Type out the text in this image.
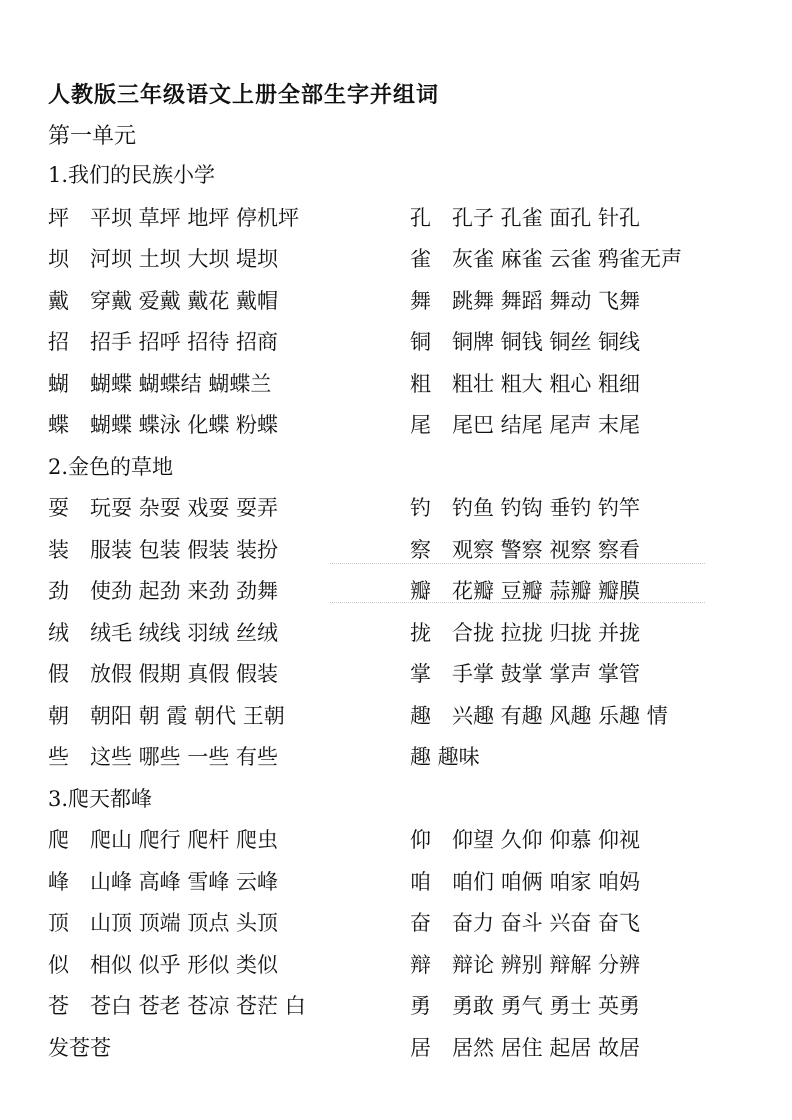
人教版三年级语文上册全部生字并组词
第一单元
1.我们的民族小学
坪　平坝 草坪 地坪 停机坪
坝　河坝 土坝 大坝 堤坝
戴　穿戴 爱戴 戴花 戴帽
招　招手 招呼 招待 招商
蝴　蝴蝶 蝴蝶结 蝴蝶兰
蝶　蝴蝶 蝶泳 化蝶 粉蝶
孔　孔子 孔雀 面孔 针孔
雀　灰雀 麻雀 云雀 鸦雀无声
舞　跳舞 舞蹈 舞动 飞舞
铜　铜牌 铜钱 铜丝 铜线
粗　粗壮 粗大 粗心 粗细
尾　尾巴 结尾 尾声 末尾
2.金色的草地
耍　玩耍 杂耍 戏耍 耍弄
装　服装 包装 假装 装扮
劲　使劲 起劲 来劲 劲舞
绒　绒毛 绒线 羽绒 丝绒
假　放假 假期 真假 假装
朝　朝阳 朝 霞 朝代 王朝
些　这些 哪些 一些 有些
钓　钓鱼 钓钩 垂钓 钓竿
察　观察 警察 视察 察看
瓣　花瓣 豆瓣 蒜瓣 瓣膜
拢　合拢 拉拢 归拢 并拢
掌　手掌 鼓掌 掌声 掌管
趣　兴趣 有趣 风趣 乐趣 情
趣 趣味
3.爬天都峰
爬　爬山 爬行 爬杆 爬虫
峰　山峰 高峰 雪峰 云峰
顶　山顶 顶端 顶点 头顶
似　相似 似乎 形似 类似
苍　苍白 苍老 苍凉 苍茫 白
发苍苍
仰　仰望 久仰 仰慕 仰视
咱　咱们 咱俩 咱家 咱妈
奋　奋力 奋斗 兴奋 奋飞
辩　辩论 辨别 辩解 分辨
勇　勇敢 勇气 勇士 英勇
居　居然 居住 起居 故居
